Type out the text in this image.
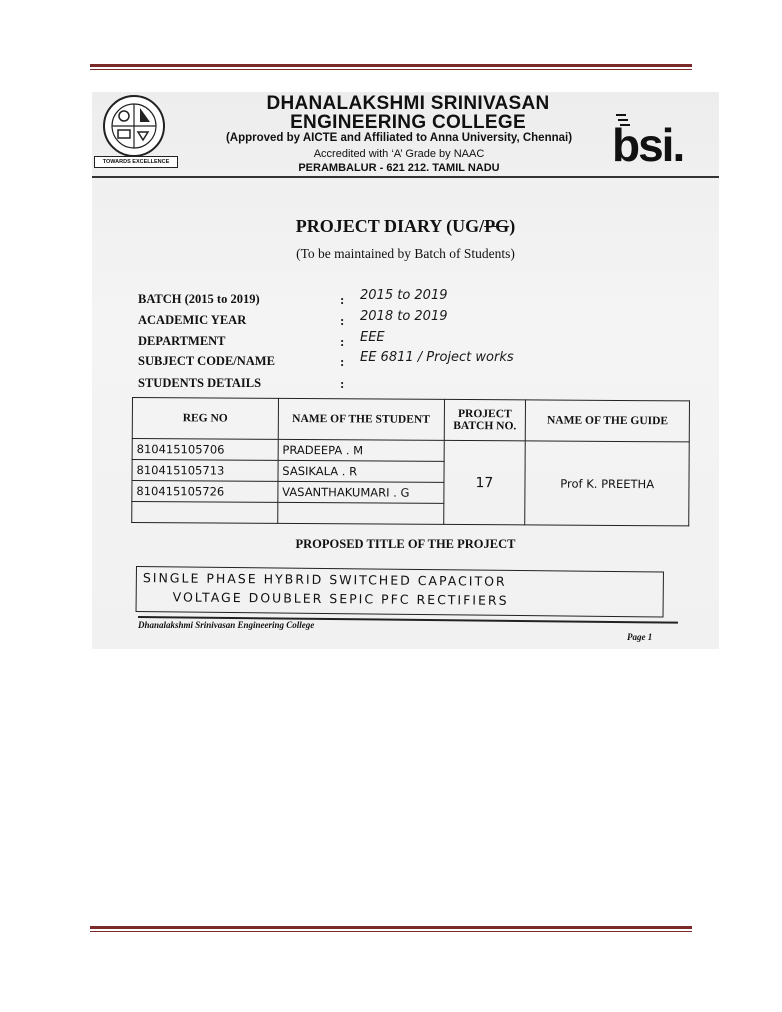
TOWARDS EXCELLENCE
DHANALAKSHMI SRINIVASAN
ENGINEERING COLLEGE
(Approved by AICTE and Affiliated to Anna University, Chennai)
Accredited with ‘A’ Grade by NAAC
PERAMBALUR - 621 212. TAMIL NADU	bsi.
PROJECT DIARY (UG/PG)
(To be maintained by Batch of Students)
BATCH (2015 to 2019)	: 2015 to 2019
ACADEMIC YEAR	: 2018 to 2019
DEPARTMENT	: EEE
SUBJECT CODE/NAME	: EE 6811 / Project works
STUDENTS DETAILS	:
REG NO	NAME OF THE STUDENT	PROJECT BATCH NO.	NAME OF THE GUIDE
810415105706	PRADEEPA . M	17	Prof K. PREETHA
810415105713	SASIKALA . R		
810415105726	VASANTHAKUMARI . G		

PROPOSED TITLE OF THE PROJECT
SINGLE PHASE HYBRID SWITCHED CAPACITOR
VOLTAGE DOUBLER SEPIC PFC RECTIFIERS
Dhanalakshmi Srinivasan Engineering College
Page 1
